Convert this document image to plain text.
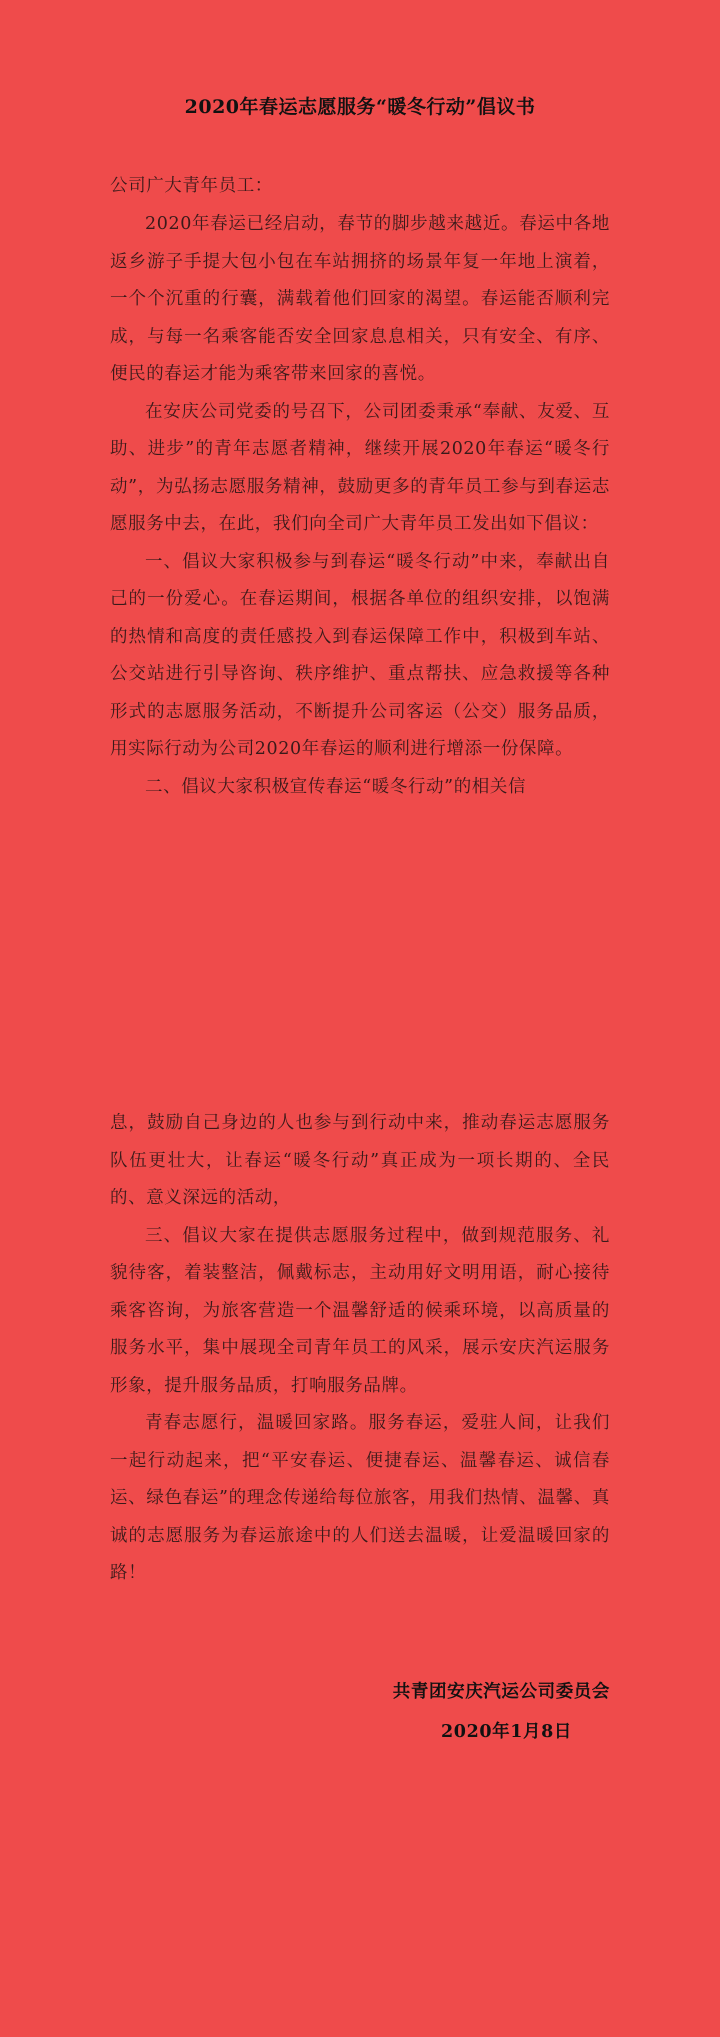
2020年春运志愿服务“暖冬行动”倡议书
公司广大青年员工：

2020年春运已经启动，春节的脚步越来越近。春运中各地返乡游子手提大包小包在车站拥挤的场景年复一年地上演着，一个个沉重的行囊，满载着他们回家的渴望。春运能否顺利完成，与每一名乘客能否安全回家息息相关，只有安全、有序、便民的春运才能为乘客带来回家的喜悦。

在安庆公司党委的号召下，公司团委秉承“奉献、友爱、互助、进步”的青年志愿者精神，继续开展2020年春运“暖冬行动”，为弘扬志愿服务精神，鼓励更多的青年员工参与到春运志愿服务中去，在此，我们向全司广大青年员工发出如下倡议：

一、倡议大家积极参与到春运“暖冬行动”中来，奉献出自己的一份爱心。在春运期间，根据各单位的组织安排，以饱满的热情和高度的责任感投入到春运保障工作中，积极到车站、公交站进行引导咨询、秩序维护、重点帮扶、应急救援等各种形式的志愿服务活动，不断提升公司客运（公交）服务品质，用实际行动为公司2020年春运的顺利进行增添一份保障。

二、倡议大家积极宣传春运“暖冬行动”的相关信

息，鼓励自己身边的人也参与到行动中来，推动春运志愿服务队伍更壮大，让春运“暖冬行动”真正成为一项长期的、全民的、意义深远的活动，

三、倡议大家在提供志愿服务过程中，做到规范服务、礼貌待客，着装整洁，佩戴标志，主动用好文明用语，耐心接待乘客咨询，为旅客营造一个温馨舒适的候乘环境，以高质量的服务水平，集中展现全司青年员工的风采，展示安庆汽运服务形象，提升服务品质，打响服务品牌。

青春志愿行，温暖回家路。服务春运，爱驻人间，让我们一起行动起来，把“平安春运、便捷春运、温馨春运、诚信春运、绿色春运”的理念传递给每位旅客，用我们热情、温馨、真诚的志愿服务为春运旅途中的人们送去温暖，让爱温暖回家的路！

共青团安庆汽运公司委员会
2020年1月8日
